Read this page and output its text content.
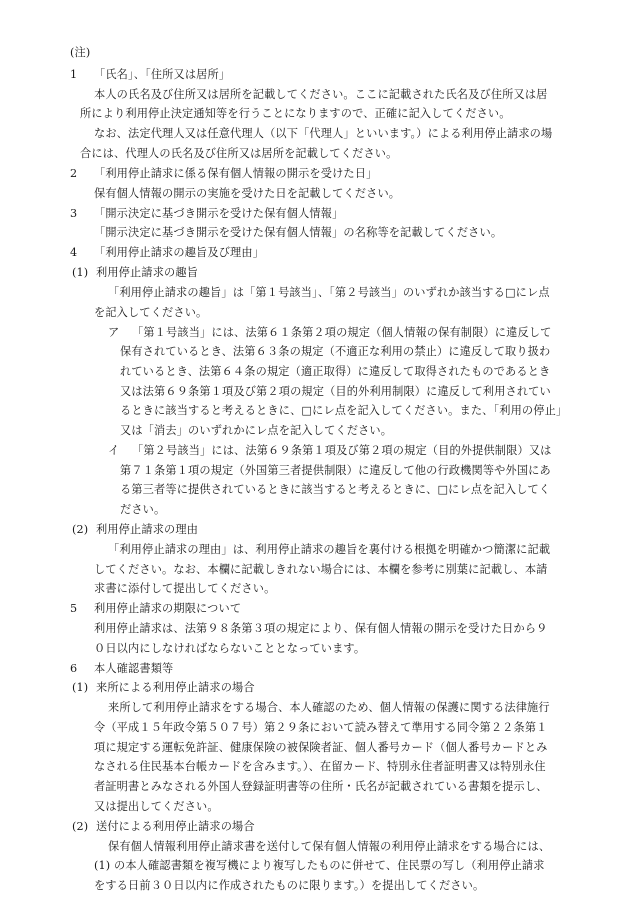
(注)
1 「氏名」、「住所又は居所」
本人の氏名及び住所又は居所を記載してください。ここに記載された氏名及び住所又は居
所により利用停止決定通知等を行うことになりますので、正確に記入してください。
なお、法定代理人又は任意代理人（以下「代理人」といいます。）による利用停止請求の場
合には、代理人の氏名及び住所又は居所を記載してください。
2 「利用停止請求に係る保有個人情報の開示を受けた日」
保有個人情報の開示の実施を受けた日を記載してください。
3 「開示決定に基づき開示を受けた保有個人情報」
「開示決定に基づき開示を受けた保有個人情報」の名称等を記載してください。
4 「利用停止請求の趣旨及び理由」
(1) 利用停止請求の趣旨
「利用停止請求の趣旨」は「第１号該当」、「第２号該当」のいずれか該当する□にレ点
を記入してください。
ア 「第１号該当」には、法第６１条第２項の規定（個人情報の保有制限）に違反して
保有されているとき、法第６３条の規定（不適正な利用の禁止）に違反して取り扱わ
れているとき、法第６４条の規定（適正取得）に違反して取得されたものであるとき
又は法第６９条第１項及び第２項の規定（目的外利用制限）に違反して利用されてい
るときに該当すると考えるときに、□にレ点を記入してください。また、「利用の停止」
又は「消去」のいずれかにレ点を記入してください。
イ 「第２号該当」には、法第６９条第１項及び第２項の規定（目的外提供制限）又は
第７１条第１項の規定（外国第三者提供制限）に違反して他の行政機関等や外国にあ
る第三者等に提供されているときに該当すると考えるときに、□にレ点を記入してく
ださい。
(2) 利用停止請求の理由
「利用停止請求の理由」は、利用停止請求の趣旨を裏付ける根拠を明確かつ簡潔に記載
してください。なお、本欄に記載しきれない場合には、本欄を参考に別葉に記載し、本請
求書に添付して提出してください。
5 利用停止請求の期限について
利用停止請求は、法第９８条第３項の規定により、保有個人情報の開示を受けた日から９
０日以内にしなければならないこととなっています。
6 本人確認書類等
(1) 来所による利用停止請求の場合
来所して利用停止請求をする場合、本人確認のため、個人情報の保護に関する法律施行
令（平成１５年政令第５０７号）第２９条において読み替えて準用する同令第２２条第１
項に規定する運転免許証、健康保険の被保険者証、個人番号カード（個人番号カードとみ
なされる住民基本台帳カードを含みます。）、在留カード、特別永住者証明書又は特別永住
者証明書とみなされる外国人登録証明書等の住所・氏名が記載されている書類を提示し、
又は提出してください。
(2) 送付による利用停止請求の場合
保有個人情報利用停止請求書を送付して保有個人情報の利用停止請求をする場合には、
(1) の本人確認書類を複写機により複写したものに併せて、住民票の写し（利用停止請求
をする日前３０日以内に作成されたものに限ります。）を提出してください。
